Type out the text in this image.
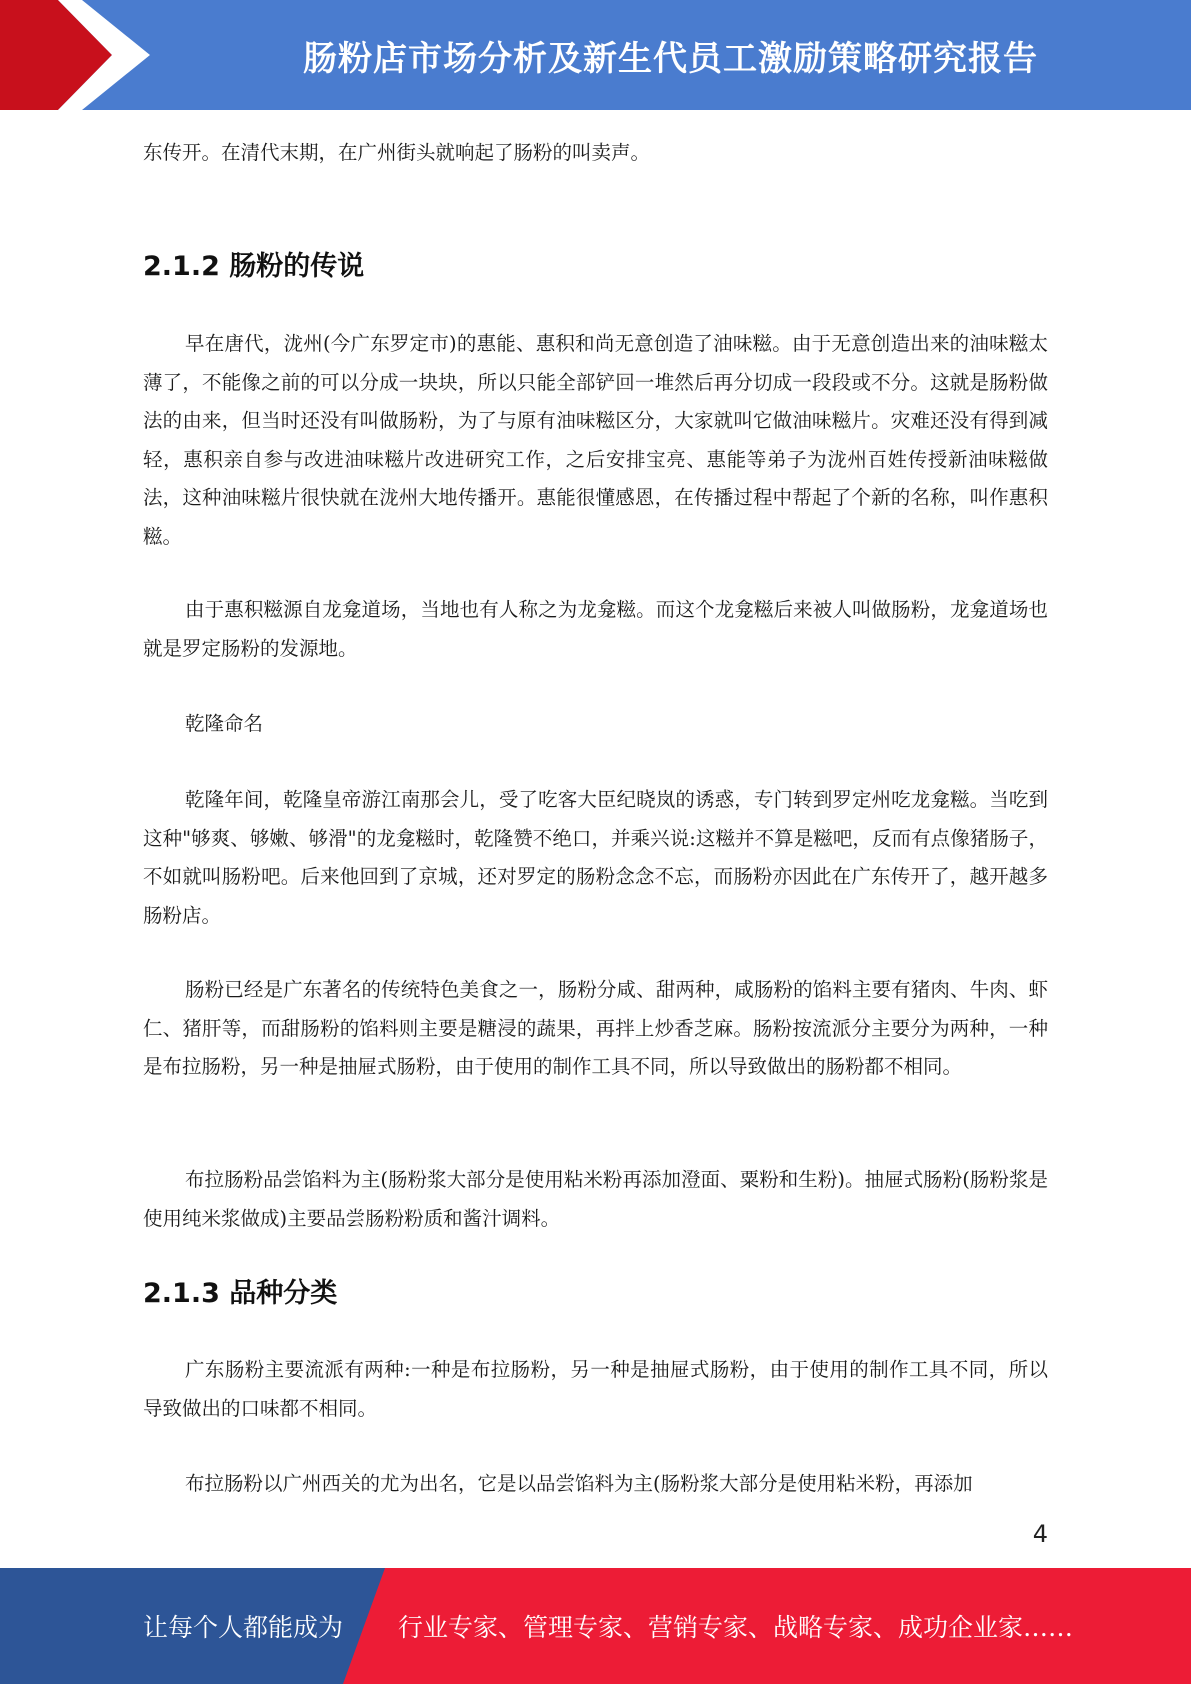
肠粉店市场分析及新生代员工激励策略研究报告

东传开。在清代末期，在广州街头就响起了肠粉的叫卖声。

2.1.2 肠粉的传说

早在唐代，泷州(今广东罗定市)的惠能、惠积和尚无意创造了油味糍。由于无意创造出来的油味糍太薄了，不能像之前的可以分成一块块，所以只能全部铲回一堆然后再分切成一段段或不分。这就是肠粉做法的由来，但当时还没有叫做肠粉，为了与原有油味糍区分，大家就叫它做油味糍片。灾难还没有得到减轻，惠积亲自参与改进油味糍片改进研究工作，之后安排宝亮、惠能等弟子为泷州百姓传授新油味糍做法，这种油味糍片很快就在泷州大地传播开。惠能很懂感恩，在传播过程中帮起了个新的名称，叫作惠积糍。

由于惠积糍源自龙龛道场，当地也有人称之为龙龛糍。而这个龙龛糍后来被人叫做肠粉，龙龛道场也就是罗定肠粉的发源地。

乾隆命名

乾隆年间，乾隆皇帝游江南那会儿，受了吃客大臣纪晓岚的诱惑，专门转到罗定州吃龙龛糍。当吃到这种"够爽、够嫩、够滑"的龙龛糍时，乾隆赞不绝口，并乘兴说:这糍并不算是糍吧，反而有点像猪肠子，不如就叫肠粉吧。后来他回到了京城，还对罗定的肠粉念念不忘，而肠粉亦因此在广东传开了，越开越多肠粉店。

肠粉已经是广东著名的传统特色美食之一，肠粉分咸、甜两种，咸肠粉的馅料主要有猪肉、牛肉、虾仁、猪肝等，而甜肠粉的馅料则主要是糖浸的蔬果，再拌上炒香芝麻。肠粉按流派分主要分为两种，一种是布拉肠粉，另一种是抽屉式肠粉，由于使用的制作工具不同，所以导致做出的肠粉都不相同。

布拉肠粉品尝馅料为主(肠粉浆大部分是使用粘米粉再添加澄面、粟粉和生粉)。抽屉式肠粉(肠粉浆是使用纯米浆做成)主要品尝肠粉粉质和酱汁调料。

2.1.3 品种分类

广东肠粉主要流派有两种:一种是布拉肠粉，另一种是抽屉式肠粉，由于使用的制作工具不同，所以导致做出的口味都不相同。

布拉肠粉以广州西关的尤为出名，它是以品尝馅料为主(肠粉浆大部分是使用粘米粉，再添加

4
让每个人都能成为 行业专家、管理专家、营销专家、战略专家、成功企业家……
